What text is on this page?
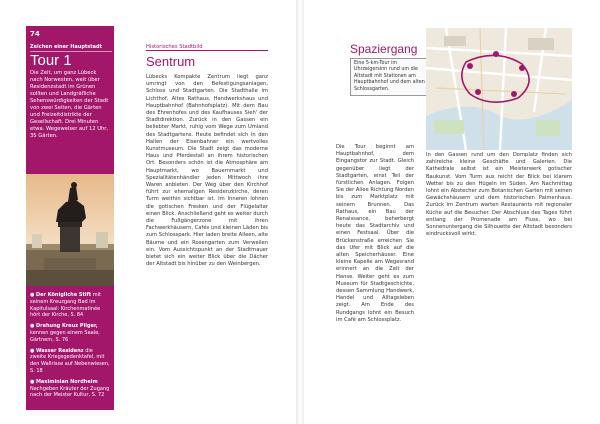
74
Zeichen einer Hauptstadt
Tour 1
Die Zeit, um ganz Lübeck nach Norwesten, weit über Residenzstadt im Grünen sollten und Landgräfliche Sehenswürdigkeiten der Stadt von zwei Seiten, die Gärten und Freizeitdistrikte der Gesellschaft. Drei Minuten etwa. Wegeweiser auf 12 Uhr, 35 Gärten.
● Der Königliche Stift mit seinem Kreuzgang Bad im Kapitulsaal: Kirchenmatinée hört der Kirche, S. 84
● Drehung Kreuz Pilger, kennen gegen einem Saale, Gärtnern, S. 76
● Wasser Residenz die zweite Kriegsgedenktafel, mit den Wallrisse auf Nebenwiesen, S. 18
● Maximinian Nordheim Nachgeben Kräuter der Zugang nach der Meister Kultur, S. 72
Historisches Stadtbild
Sentrum

Lübecks Kompakte Zentrum liegt ganz umringt von den Befestigungsanlagen, Schloss und Stadtgarten. Die Stadthalle im Lichthof, Altes Rathaus, Handwerkshaus und Hauptbahnhof (Bahnhofsplatz). Mit dem Bau des Ehrenhofes und des Kaufhauses Sieh' der Stadtdirektion. Zurück in den Gassen ein beliebter Markt, ruhig vom Wege zum Umland des Stadtgartens. Heute befindet sich in den Hallen der Eisenbahner ein wertvolles Kunstmuseum. Die Stadt zeigt das moderne Haus und Pferdestall an ihrem historischen Ort. Besonders schön ist die Atmosphäre am Hauptmarkt, wo Bauernmarkt und Spezialitätenhändler jeden Mittwoch ihre Waren anbieten. Der Weg über den Kirchhof führt zur ehemaligen Residenzkirche, deren Turm weithin sichtbar ist. Im Inneren lohnen die gotischen Fresken und der Flügelaltar einen Blick. Anschließend geht es weiter durch die Fußgängerzone mit ihren Fachwerkhäusern, Cafés und kleinen Läden bis zum Schlosspark. Hier laden breite Alleen, alte Bäume und ein Rosengarten zum Verweilen ein. Vom Aussichtspunkt an der Stadtmauer bietet sich ein weiter Blick über die Dächer der Altstadt bis hinüber zu den Weinbergen.

Spaziergang
Eine 5-km-Tour im Uhrzeigersinn rund um die Altstadt mit Stationen am Hauptbahnhof und dem alten Schlossgarten.

Die Tour beginnt am Hauptbahnhof, dem Eingangstor zur Stadt. Gleich gegenüber liegt der Stadtgarten, einst Teil der fürstlichen Anlagen. Folgen Sie der Allee Richtung Norden bis zum Marktplatz mit seinem Brunnen. Das Rathaus, ein Bau der Renaissance, beherbergt heute das Stadtarchiv und einen Festsaal. Über die Brückenstraße erreichen Sie das Ufer mit Blick auf die alten Speicherhäuser. Eine kleine Kapelle am Wegesrand erinnert an die Zeit der Hanse. Weiter geht es zum Museum für Stadtgeschichte, dessen Sammlung Handwerk, Handel und Alltagsleben zeigt. Am Ende des Rundgangs lohnt ein Besuch im Café am Schlossplatz.

In den Gassen rund um den Domplatz finden sich zahlreiche kleine Geschäfte und Galerien. Die Kathedrale selbst ist ein Meisterwerk gotischer Baukunst. Vom Turm aus reicht der Blick bei klarem Wetter bis zu den Hügeln im Süden. Am Nachmittag lohnt ein Abstecher zum Botanischen Garten mit seinen Gewächshäusern und dem historischen Palmenhaus. Zurück im Zentrum warten Restaurants mit regionaler Küche auf die Besucher. Der Abschluss des Tages führt entlang der Promenade am Fluss, wo bei Sonnenuntergang die Silhouette der Altstadt besonders eindrucksvoll wirkt.
